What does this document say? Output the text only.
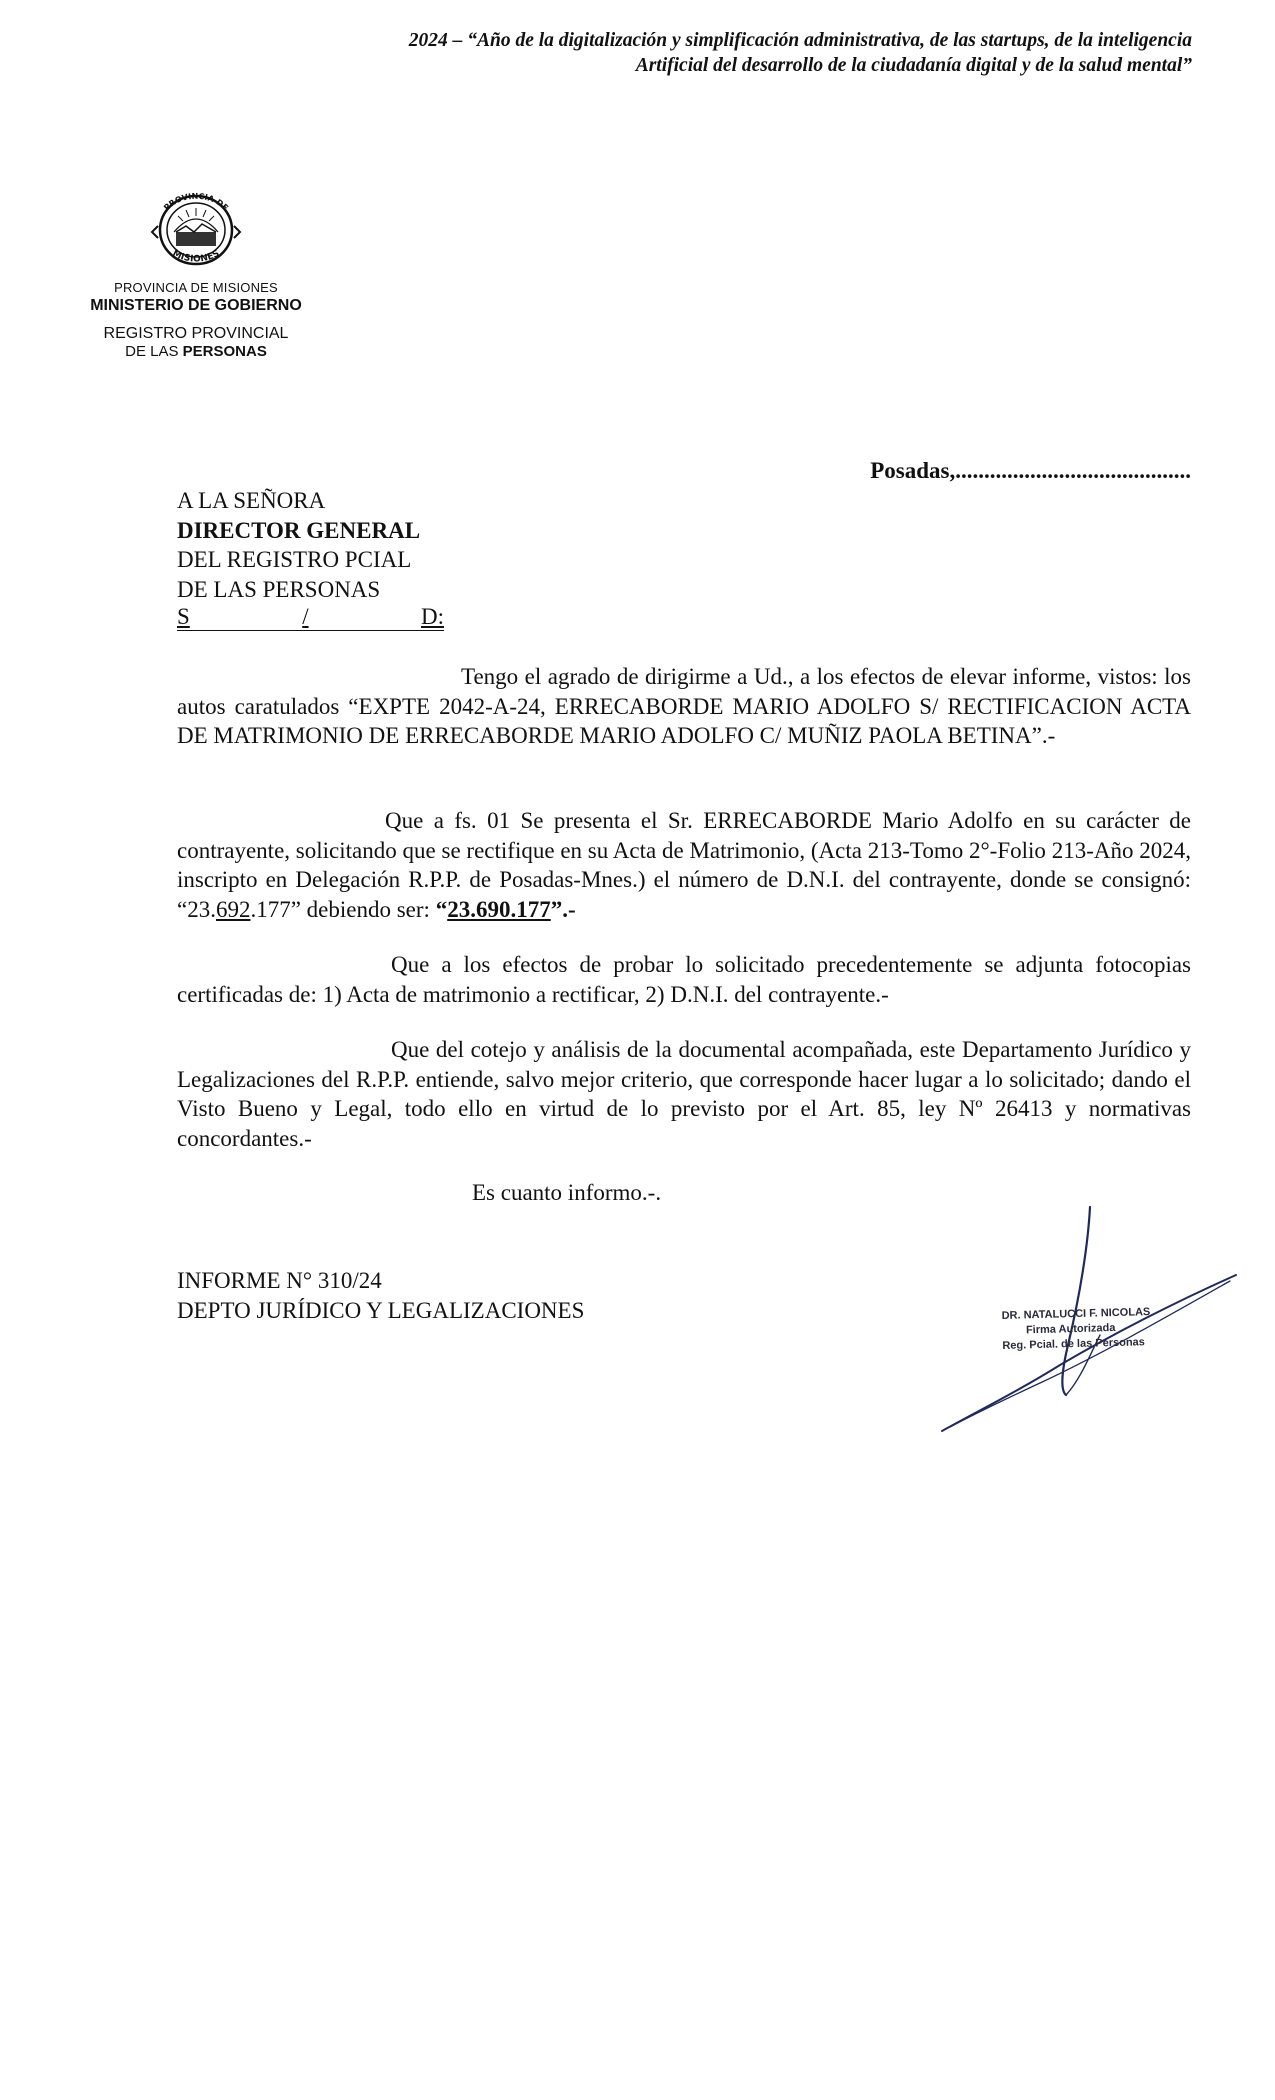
2024 – “Año de la digitalización y simplificación administrativa, de las startups, de la inteligencia
Artificial del desarrollo de la ciudadanía digital y de la salud mental”
PROVINCIA DE
MISIONES
PROVINCIA DE MISIONES
MINISTERIO DE GOBIERNO
REGISTRO PROVINCIAL
DE LAS PERSONAS
Posadas,.........................................
A LA SEÑORA
DIRECTOR GENERAL
DEL REGISTRO PCIAL
DE LAS PERSONAS
S	/	D:
Tengo el agrado de dirigirme a Ud., a los efectos de elevar informe, vistos: los autos caratulados “EXPTE 2042-A-24, ERRECABORDE MARIO ADOLFO S/ RECTIFICACION ACTA DE MATRIMONIO DE ERRECABORDE MARIO ADOLFO C/ MUÑIZ PAOLA BETINA”.-
Que a fs. 01 Se presenta el Sr. ERRECABORDE Mario Adolfo en su carácter de contrayente, solicitando que se rectifique en su Acta de Matrimonio, (Acta 213-Tomo 2°-Folio 213-Año 2024, inscripto en Delegación R.P.P. de Posadas-Mnes.) el número de D.N.I. del contrayente, donde se consignó: “23.692.177” debiendo ser: “23.690.177”.-
Que a los efectos de probar lo solicitado precedentemente se adjunta fotocopias certificadas de: 1) Acta de matrimonio a rectificar, 2) D.N.I. del contrayente.-
Que del cotejo y análisis de la documental acompañada, este Departamento Jurídico y Legalizaciones del R.P.P. entiende, salvo mejor criterio, que corresponde hacer lugar a lo solicitado; dando el Visto Bueno y Legal, todo ello en virtud de lo previsto por el Art. 85, ley Nº 26413 y normativas concordantes.-
Es cuanto informo.-.
INFORME N° 310/24
DEPTO JURÍDICO Y LEGALIZACIONES	DR. NATALUCCI F. NICOLAS
Firma Autorizada
Reg. Pcial. de las Personas
